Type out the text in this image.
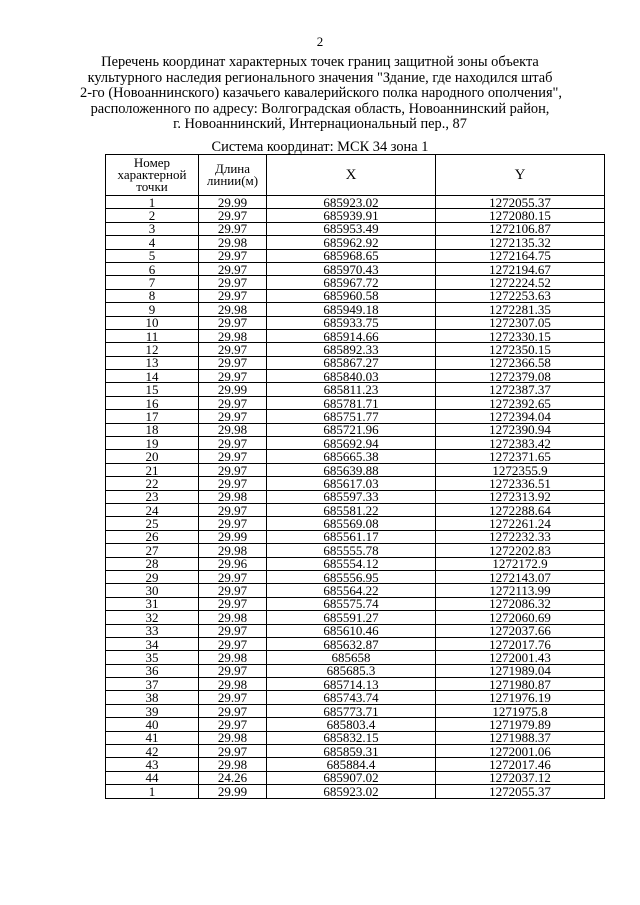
2
Перечень координат характерных точек границ защитной зоны объекта
культурного наследия регионального значения "Здание, где находился штаб
2-го (Новоаннинского) казачьего кавалерийского полка народного ополчения",
расположенного по адресу: Волгоградская область, Новоаннинский район,
г. Новоаннинский, Интернациональный пер., 87
Система координат: МСК 34 зона 1
Номер характерной точки	Длина линии(м)	X	Y
1	29.99	685923.02	1272055.37
2	29.97	685939.91	1272080.15
3	29.97	685953.49	1272106.87
4	29.98	685962.92	1272135.32
5	29.97	685968.65	1272164.75
6	29.97	685970.43	1272194.67
7	29.97	685967.72	1272224.52
8	29.97	685960.58	1272253.63
9	29.98	685949.18	1272281.35
10	29.97	685933.75	1272307.05
11	29.98	685914.66	1272330.15
12	29.97	685892.33	1272350.15
13	29.97	685867.27	1272366.58
14	29.97	685840.03	1272379.08
15	29.99	685811.23	1272387.37
16	29.97	685781.71	1272392.65
17	29.97	685751.77	1272394.04
18	29.98	685721.96	1272390.94
19	29.97	685692.94	1272383.42
20	29.97	685665.38	1272371.65
21	29.97	685639.88	1272355.9
22	29.97	685617.03	1272336.51
23	29.98	685597.33	1272313.92
24	29.97	685581.22	1272288.64
25	29.97	685569.08	1272261.24
26	29.99	685561.17	1272232.33
27	29.98	685555.78	1272202.83
28	29.96	685554.12	1272172.9
29	29.97	685556.95	1272143.07
30	29.97	685564.22	1272113.99
31	29.97	685575.74	1272086.32
32	29.98	685591.27	1272060.69
33	29.97	685610.46	1272037.66
34	29.97	685632.87	1272017.76
35	29.98	685658	1272001.43
36	29.97	685685.3	1271989.04
37	29.98	685714.13	1271980.87
38	29.97	685743.74	1271976.19
39	29.97	685773.71	1271975.8
40	29.97	685803.4	1271979.89
41	29.98	685832.15	1271988.37
42	29.97	685859.31	1272001.06
43	29.98	685884.4	1272017.46
44	24.26	685907.02	1272037.12
1	29.99	685923.02	1272055.37
